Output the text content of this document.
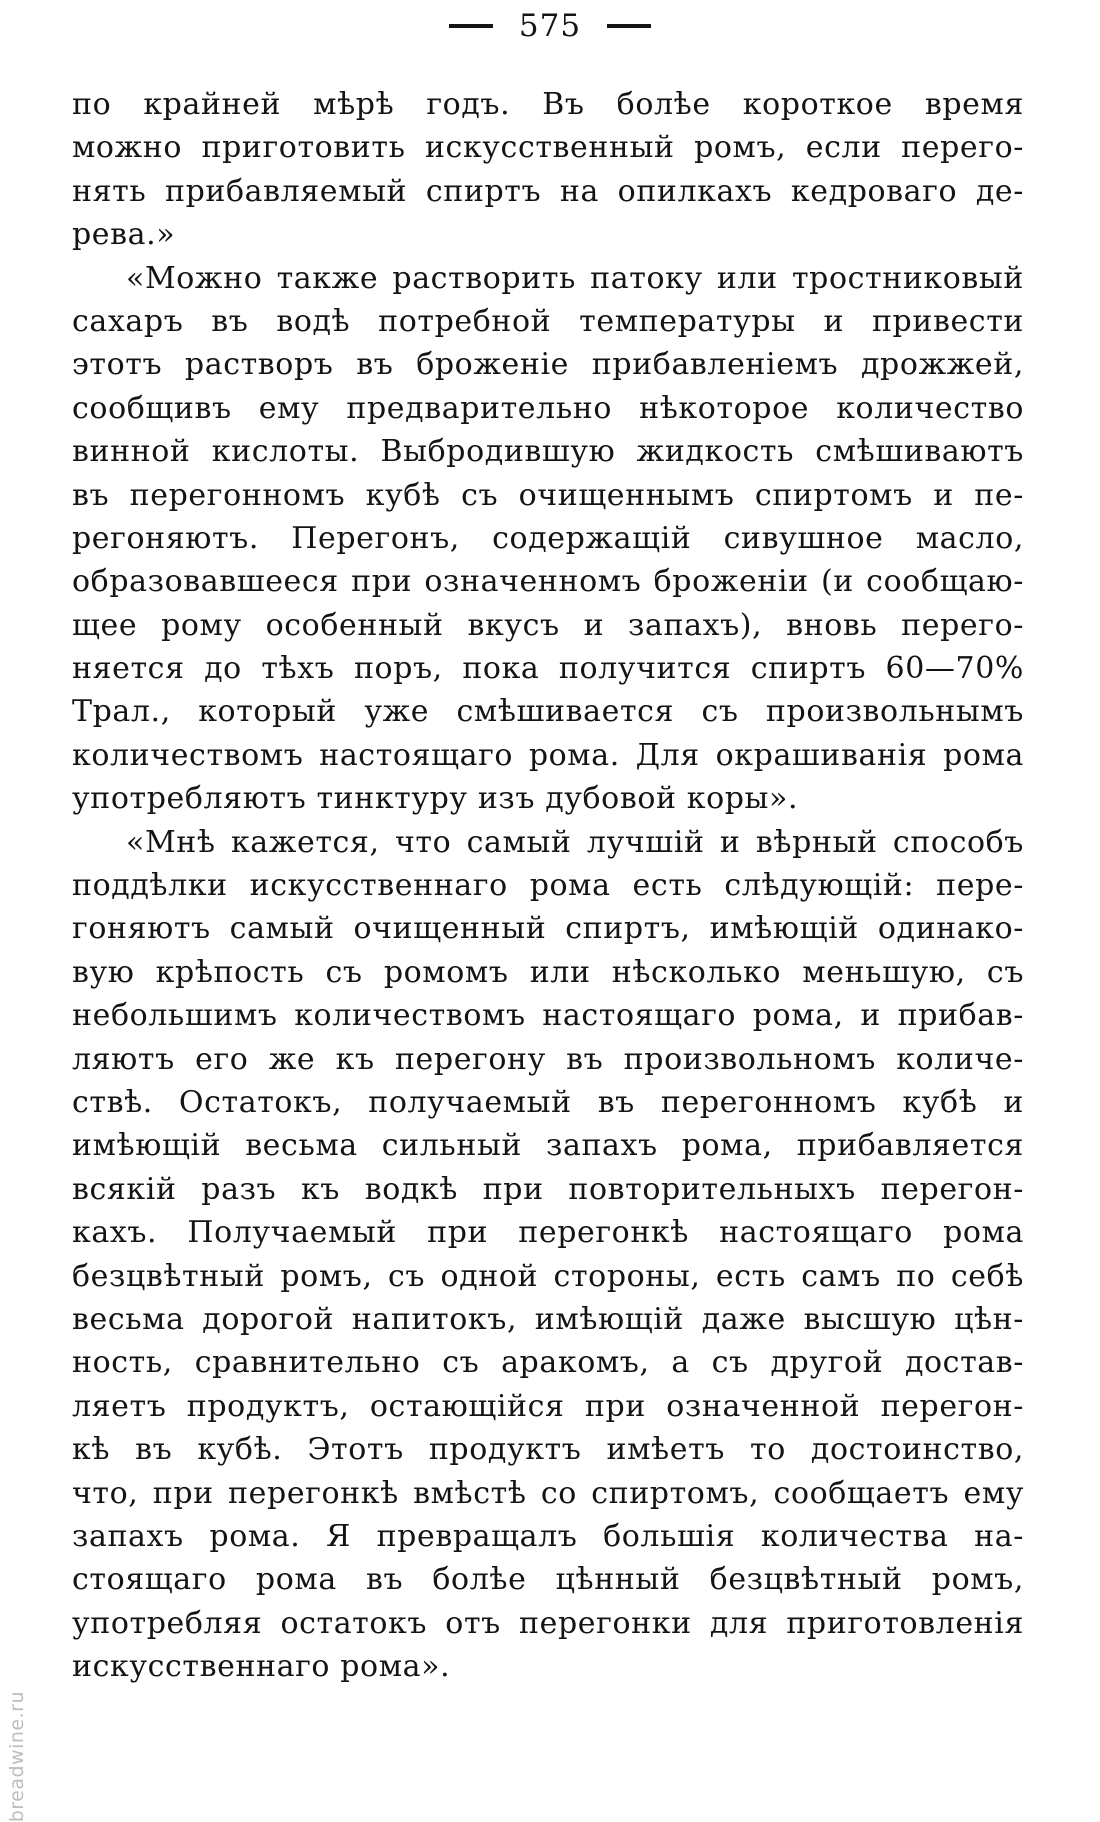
575
по крайней мѣрѣ годъ. Въ болѣе короткое время
можно приготовить искусственный ромъ, если перего-
нять прибавляемый спиртъ на опилкахъ кедроваго де-
рева.»
«Можно также растворить патоку или тростниковый
сахаръ въ водѣ потребной температуры и привести
этотъ растворъ въ броженіе прибавленіемъ дрожжей,
сообщивъ ему предварительно нѣкоторое количество
винной кислоты. Выбродившую жидкость смѣшиваютъ
въ перегонномъ кубѣ съ очищеннымъ спиртомъ и пе-
регоняютъ. Перегонъ, содержащій сивушное масло,
образовавшееся при означенномъ броженіи (и сообщаю-
щее рому особенный вкусъ и запахъ), вновь перего-
няется до тѣхъ поръ, пока получится спиртъ 60—70%
Трал., который уже смѣшивается съ произвольнымъ
количествомъ настоящаго рома. Для окрашиванія рома
употребляютъ тинктуру изъ дубовой коры».
«Мнѣ кажется, что самый лучшій и вѣрный способъ
поддѣлки искусственнаго рома есть слѣдующій: пере-
гоняютъ самый очищенный спиртъ, имѣющій одинако-
вую крѣпость съ ромомъ или нѣсколько меньшую, съ
небольшимъ количествомъ настоящаго рома, и прибав-
ляютъ его же къ перегону въ произвольномъ количе-
ствѣ. Остатокъ, получаемый въ перегонномъ кубѣ и
имѣющій весьма сильный запахъ рома, прибавляется
всякій разъ къ водкѣ при повторительныхъ перегон-
кахъ. Получаемый при перегонкѣ настоящаго рома
безцвѣтный ромъ, съ одной стороны, есть самъ по себѣ
весьма дорогой напитокъ, имѣющій даже высшую цѣн-
ность, сравнительно съ аракомъ, а съ другой достав-
ляетъ продуктъ, остающійся при означенной перегон-
кѣ въ кубѣ. Этотъ продуктъ имѣетъ то достоинство,
что, при перегонкѣ вмѣстѣ со спиртомъ, сообщаетъ ему
запахъ рома. Я превращалъ большія количества на-
стоящаго рома въ болѣе цѣнный безцвѣтный ромъ,
употребляя остатокъ отъ перегонки для приготовленія
искусственнаго рома».
breadwine.ru
